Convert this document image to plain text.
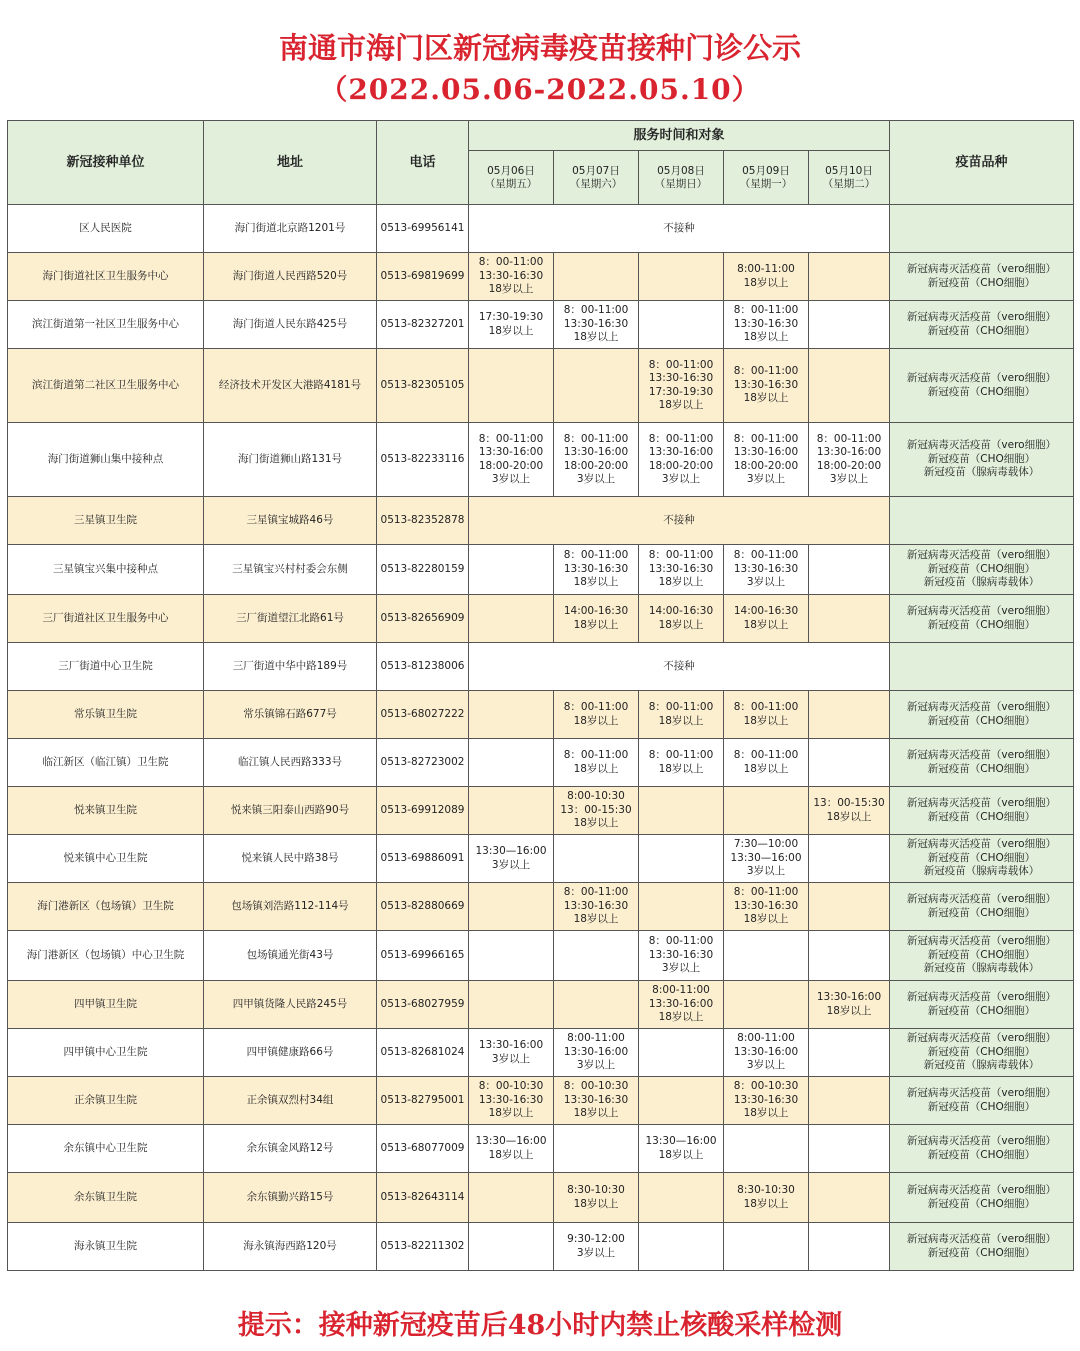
南通市海门区新冠病毒疫苗接种门诊公示
（2022.05.06-2022.05.10）
新冠接种单位	地址	电话	服务时间和对象					疫苗品种
			05月06日
（星期五）	05月07日
（星期六）	05月08日
（星期日）	05月09日
（星期一）	05月10日
（星期二）	
区人民医院	海门街道北京路1201号	0513-69956141	不接种					
海门街道社区卫生服务中心	海门街道人民西路520号	0513-69819699	8：00-11:00
13:30-16:30
18岁以上			8:00-11:00
18岁以上		新冠病毒灭活疫苗（vero细胞）
新冠疫苗（CHO细胞）
滨江街道第一社区卫生服务中心	海门街道人民东路425号	0513-82327201	17:30-19:30
18岁以上	8：00-11:00
13:30-16:30
18岁以上		8：00-11:00
13:30-16:30
18岁以上		新冠病毒灭活疫苗（vero细胞）
新冠疫苗（CHO细胞）
滨江街道第二社区卫生服务中心	经济技术开发区大港路4181号	0513-82305105			8：00-11:00
13:30-16:30
17:30-19:30
18岁以上	8：00-11:00
13:30-16:30
18岁以上		新冠病毒灭活疫苗（vero细胞）
新冠疫苗（CHO细胞）
海门街道狮山集中接种点	海门街道狮山路131号	0513-82233116	8：00-11:00
13:30-16:00
18:00-20:00
3岁以上	8：00-11:00
13:30-16:00
18:00-20:00
3岁以上	8：00-11:00
13:30-16:00
18:00-20:00
3岁以上	8：00-11:00
13:30-16:00
18:00-20:00
3岁以上	8：00-11:00
13:30-16:00
18:00-20:00
3岁以上	新冠病毒灭活疫苗（vero细胞）
新冠疫苗（CHO细胞）
新冠疫苗（腺病毒载体）
三星镇卫生院	三星镇宝城路46号	0513-82352878	不接种					
三星镇宝兴集中接种点	三星镇宝兴村村委会东侧	0513-82280159		8：00-11:00
13:30-16:30
18岁以上	8：00-11:00
13:30-16:30
18岁以上	8：00-11:00
13:30-16:30
3岁以上		新冠病毒灭活疫苗（vero细胞）
新冠疫苗（CHO细胞）
新冠疫苗（腺病毒载体）
三厂街道社区卫生服务中心	三厂街道望江北路61号	0513-82656909		14:00-16:30
18岁以上	14:00-16:30
18岁以上	14:00-16:30
18岁以上		新冠病毒灭活疫苗（vero细胞）
新冠疫苗（CHO细胞）
三厂街道中心卫生院	三厂街道中华中路189号	0513-81238006	不接种					
常乐镇卫生院	常乐镇锦石路677号	0513-68027222		8：00-11:00
18岁以上	8：00-11:00
18岁以上	8：00-11:00
18岁以上		新冠病毒灭活疫苗（vero细胞）
新冠疫苗（CHO细胞）
临江新区（临江镇）卫生院	临江镇人民西路333号	0513-82723002		8：00-11:00
18岁以上	8：00-11:00
18岁以上	8：00-11:00
18岁以上		新冠病毒灭活疫苗（vero细胞）
新冠疫苗（CHO细胞）
悦来镇卫生院	悦来镇三阳泰山西路90号	0513-69912089		8:00-10:30
13：00-15:30
18岁以上			13：00-15:30
18岁以上	新冠病毒灭活疫苗（vero细胞）
新冠疫苗（CHO细胞）
悦来镇中心卫生院	悦来镇人民中路38号	0513-69886091	13:30—16:00
3岁以上			7:30—10:00
13:30—16:00
3岁以上		新冠病毒灭活疫苗（vero细胞）
新冠疫苗（CHO细胞）
新冠疫苗（腺病毒载体）
海门港新区（包场镇）卫生院	包场镇刘浩路112-114号	0513-82880669		8：00-11:00
13:30-16:30
18岁以上		8：00-11:00
13:30-16:30
18岁以上		新冠病毒灭活疫苗（vero细胞）
新冠疫苗（CHO细胞）
海门港新区（包场镇）中心卫生院	包场镇通光街43号	0513-69966165			8：00-11:00
13:30-16:30
3岁以上			新冠病毒灭活疫苗（vero细胞）
新冠疫苗（CHO细胞）
新冠疫苗（腺病毒载体）
四甲镇卫生院	四甲镇货隆人民路245号	0513-68027959			8:00-11:00
13:30-16:00
18岁以上		13:30-16:00
18岁以上	新冠病毒灭活疫苗（vero细胞）
新冠疫苗（CHO细胞）
四甲镇中心卫生院	四甲镇健康路66号	0513-82681024	13:30-16:00
3岁以上	8:00-11:00
13:30-16:00
3岁以上		8:00-11:00
13:30-16:00
3岁以上		新冠病毒灭活疫苗（vero细胞）
新冠疫苗（CHO细胞）
新冠疫苗（腺病毒载体）
正余镇卫生院	正余镇双烈村34组	0513-82795001	8：00-10:30
13:30-16:30
18岁以上	8：00-10:30
13:30-16:30
18岁以上		8：00-10:30
13:30-16:30
18岁以上		新冠病毒灭活疫苗（vero细胞）
新冠疫苗（CHO细胞）
余东镇中心卫生院	余东镇金风路12号	0513-68077009	13:30—16:00
18岁以上		13:30—16:00
18岁以上			新冠病毒灭活疫苗（vero细胞）
新冠疫苗（CHO细胞）
余东镇卫生院	余东镇勤兴路15号	0513-82643114		8:30-10:30
18岁以上		8:30-10:30
18岁以上		新冠病毒灭活疫苗（vero细胞）
新冠疫苗（CHO细胞）
海永镇卫生院	海永镇海西路120号	0513-82211302		9:30-12:00
3岁以上				新冠病毒灭活疫苗（vero细胞）
新冠疫苗（CHO细胞）
提示：接种新冠疫苗后48小时内禁止核酸采样检测
